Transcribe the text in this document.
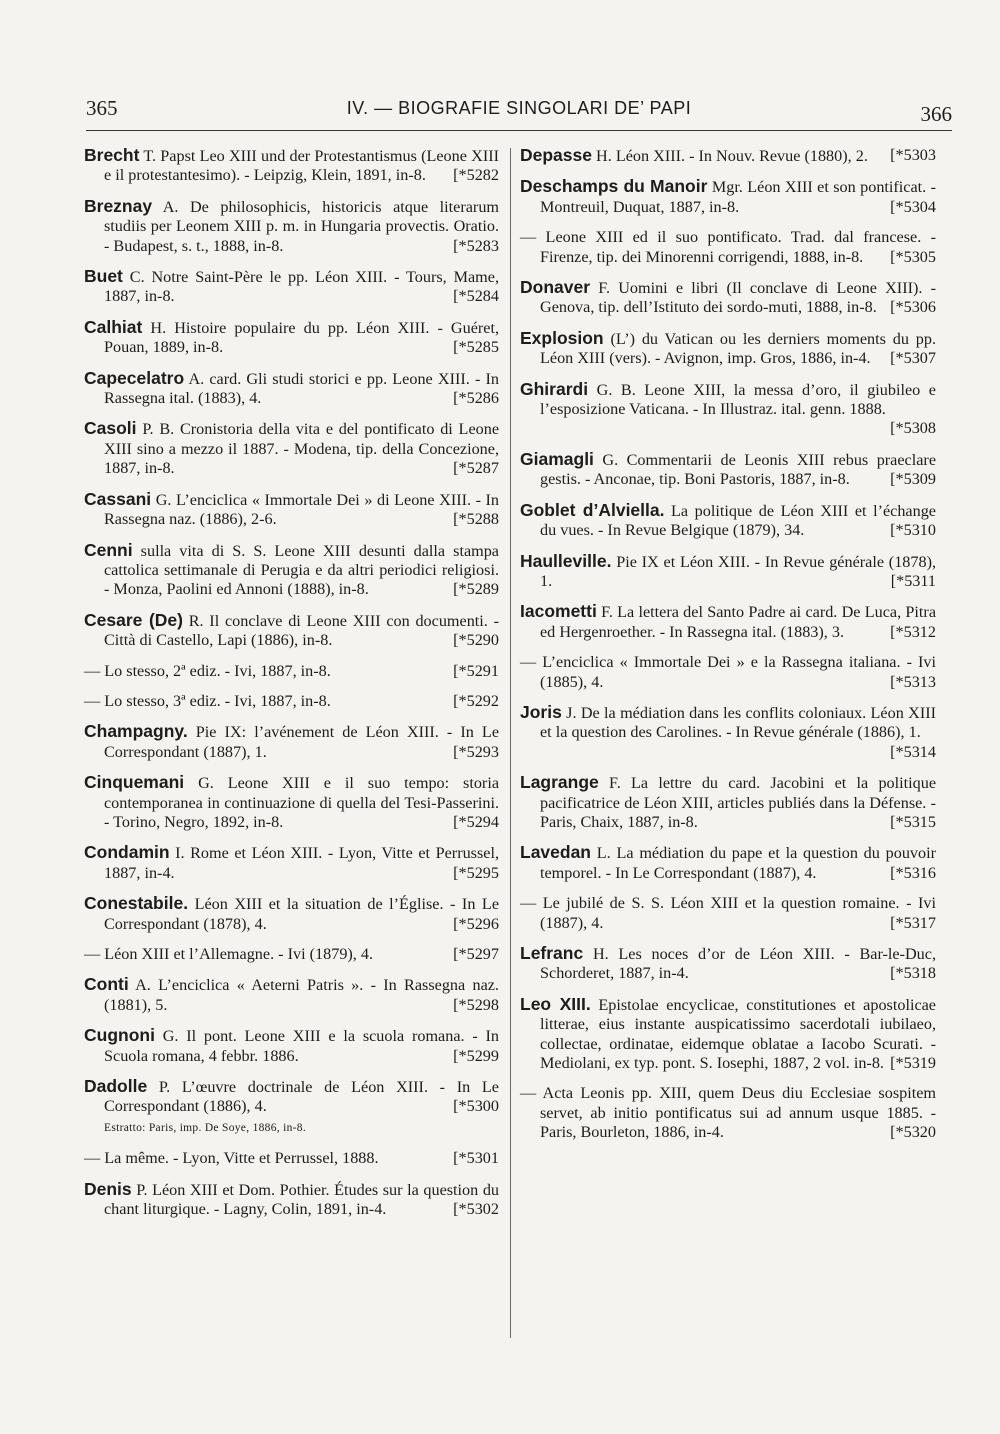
365	IV. — BIOGRAFIE SINGOLARI DE’ PAPI	366
Brecht T. Papst Leo XIII und der Protestantismus (Leone XIII e il protestantesimo). - Leipzig, Klein, 1891, in-8.	[*5282
Breznay A. De philosophicis, historicis atque literarum studiis per Leonem XIII p. m. in Hungaria provectis. Oratio. - Budapest, s. t., 1888, in-8.	[*5283
Buet C. Notre Saint-Père le pp. Léon XIII. - Tours, Mame, 1887, in-8.	[*5284
Calhiat H. Histoire populaire du pp. Léon XIII. - Guéret, Pouan, 1889, in-8.	[*5285
Capecelatro A. card. Gli studi storici e pp. Leone XIII. - In Rassegna ital. (1883), 4.	[*5286
Casoli P. B. Cronistoria della vita e del pontificato di Leone XIII sino a mezzo il 1887. - Modena, tip. della Concezione, 1887, in-8.	[*5287
Cassani G. L’enciclica « Immortale Dei » di Leone XIII. - In Rassegna naz. (1886), 2-6.	[*5288
Cenni sulla vita di S. S. Leone XIII desunti dalla stampa cattolica settimanale di Perugia e da altri periodici religiosi. - Monza, Paolini ed Annoni (1888), in-8.	[*5289
Cesare (De) R. Il conclave di Leone XIII con documenti. - Città di Castello, Lapi (1886), in-8.	[*5290
— Lo stesso, 2ª ediz. - Ivi, 1887, in-8.	[*5291
— Lo stesso, 3ª ediz. - Ivi, 1887, in-8.	[*5292
Champagny. Pie IX: l’avénement de Léon XIII. - In Le Correspondant (1887), 1.	[*5293
Cinquemani G. Leone XIII e il suo tempo: storia contemporanea in continuazione di quella del Tesi-Passerini. - Torino, Negro, 1892, in-8.	[*5294
Condamin I. Rome et Léon XIII. - Lyon, Vitte et Perrussel, 1887, in-4.	[*5295
Conestabile. Léon XIII et la situation de l’Église. - In Le Correspondant (1878), 4.	[*5296
— Léon XIII et l’Allemagne. - Ivi (1879), 4.	[*5297
Conti A. L’enciclica « Aeterni Patris ». - In Rassegna naz. (1881), 5.	[*5298
Cugnoni G. Il pont. Leone XIII e la scuola romana. - In Scuola romana, 4 febbr. 1886.	[*5299
Dadolle P. L’œuvre doctrinale de Léon XIII. - In Le Correspondant (1886), 4.	[*5300
Estratto: Paris, imp. De Soye, 1886, in-8.
— La même. - Lyon, Vitte et Perrussel, 1888.	[*5301
Denis P. Léon XIII et Dom. Pothier. Études sur la question du chant liturgique. - Lagny, Colin, 1891, in-4.	[*5302
Depasse H. Léon XIII. - In Nouv. Revue (1880), 2.	[*5303
Deschamps du Manoir Mgr. Léon XIII et son pontificat. - Montreuil, Duquat, 1887, in-8.	[*5304
— Leone XIII ed il suo pontificato. Trad. dal francese. - Firenze, tip. dei Minorenni corrigendi, 1888, in-8.	[*5305
Donaver F. Uomini e libri (Il conclave di Leone XIII). - Genova, tip. dell’Istituto dei sordo-muti, 1888, in-8. [*5306
Explosion (L’) du Vatican ou les derniers moments du pp. Léon XIII (vers). - Avignon, imp. Gros, 1886, in-4.	[*5307
Ghirardi G. B. Leone XIII, la messa d’oro, il giubileo e l’esposizione Vaticana. - In Illustraz. ital. genn. 1888.
[*5308
Giamagli G. Commentarii de Leonis XIII rebus praeclare gestis. - Anconae, tip. Boni Pastoris, 1887, in-8.	[*5309
Goblet d’Alviella. La politique de Léon XIII et l’échange du vues. - In Revue Belgique (1879), 34.	[*5310
Haulleville. Pie IX et Léon XIII. - In Revue générale (1878), 1.	[*5311
Iacometti F. La lettera del Santo Padre ai card. De Luca, Pitra ed Hergenroether. - In Rassegna ital. (1883), 3.	[*5312
— L’enciclica « Immortale Dei » e la Rassegna italiana. - Ivi (1885), 4.	[*5313
Joris J. De la médiation dans les conflits coloniaux. Léon XIII et la question des Carolines. - In Revue générale (1886), 1.
[*5314
Lagrange F. La lettre du card. Jacobini et la politique pacificatrice de Léon XIII, articles publiés dans la Défense. - Paris, Chaix, 1887, in-8.	[*5315
Lavedan L. La médiation du pape et la question du pouvoir temporel. - In Le Correspondant (1887), 4.	[*5316
— Le jubilé de S. S. Léon XIII et la question romaine. - Ivi (1887), 4.	[*5317
Lefranc H. Les noces d’or de Léon XIII. - Bar-le-Duc, Schorderet, 1887, in-4.	[*5318
Leo XIII. Epistolae encyclicae, constitutiones et apostolicae litterae, eius instante auspicatissimo sacerdotali iubilaeo, collectae, ordinatae, eidemque oblatae a Iacobo Scurati. - Mediolani, ex typ. pont. S. Iosephi, 1887, 2 vol. in-8. [*5319
— Acta Leonis pp. XIII, quem Deus diu Ecclesiae sospitem servet, ab initio pontificatus sui ad annum usque 1885. - Paris, Bourleton, 1886, in-4.	[*5320
